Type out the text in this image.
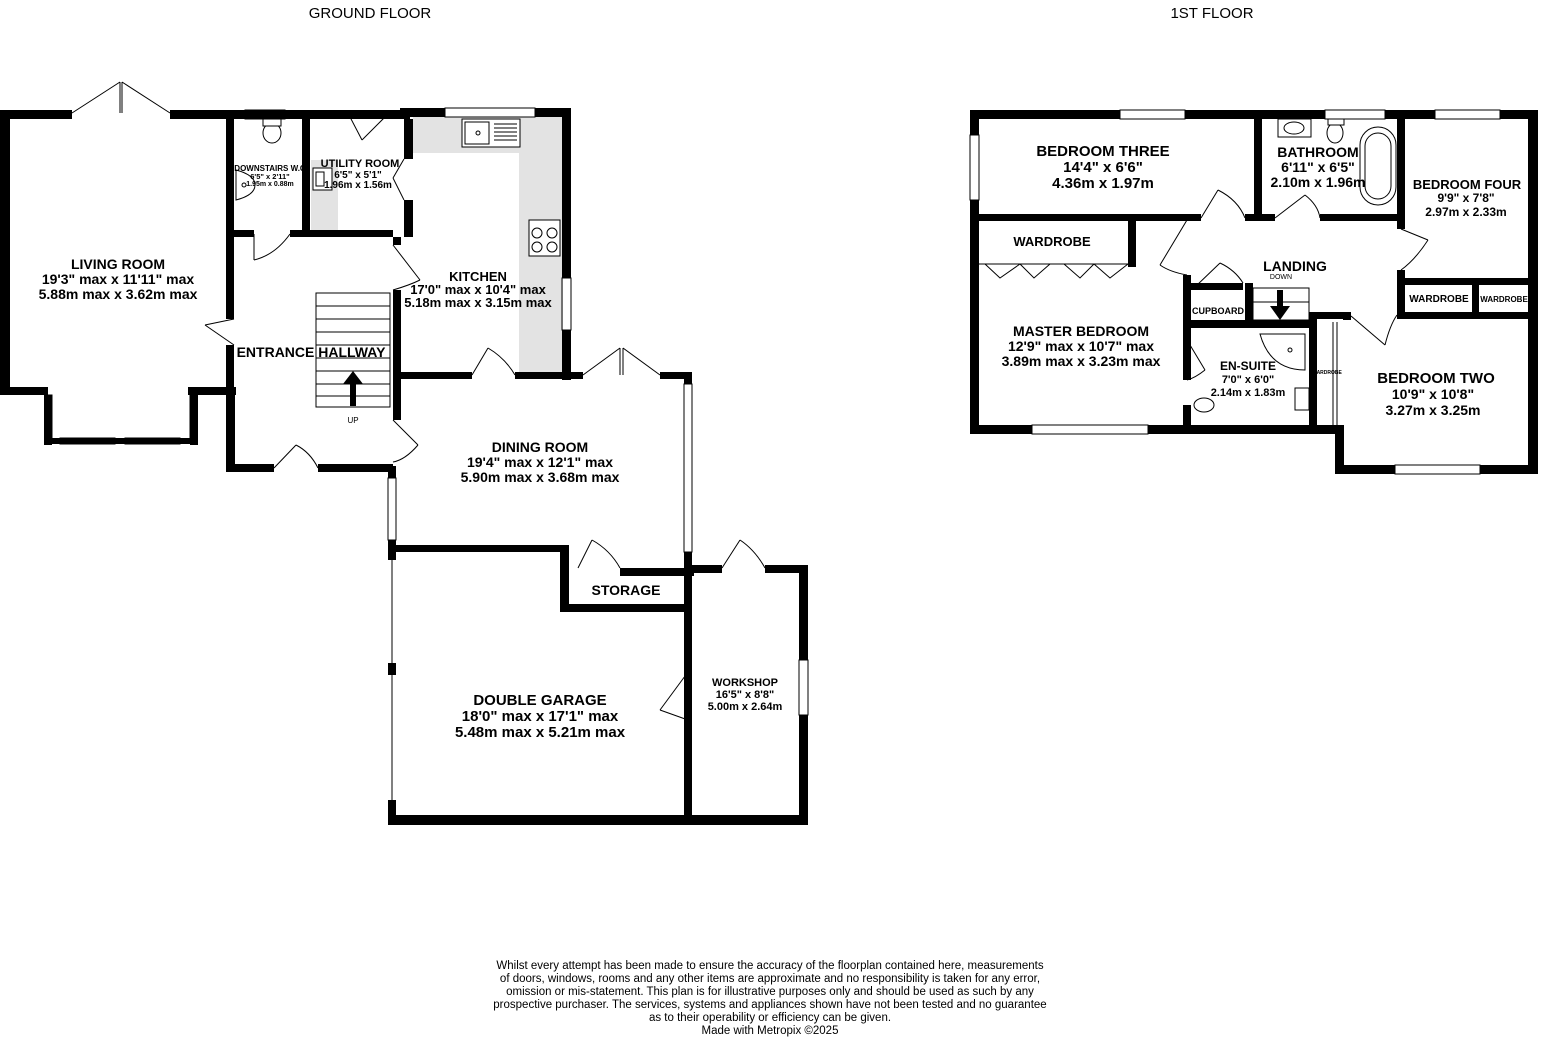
GROUND FLOOR
LIVING ROOM
19'3" max x 11'11" max
5.88m max x 3.62m max
DOWNSTAIRS W.C
6'5" x 2'11"
1.95m x 0.88m
UTILITY ROOM
6'5" x 5'1"
1.96m x 1.56m
KITCHEN
17'0" max x 10'4" max
5.18m max x 3.15m max
ENTRANCE HALLWAY
UP
DINING ROOM
19'4" max x 12'1" max
5.90m max x 3.68m max
STORAGE
DOUBLE GARAGE
18'0" max x 17'1" max
5.48m max x 5.21m max
WORKSHOP
16'5" x 8'8"
5.00m x 2.64m
1ST FLOOR
BEDROOM THREE
14'4" x 6'6"
4.36m x 1.97m
BATHROOM
6'11" x 6'5"
2.10m x 1.96m	BEDROOM FOUR
9'9" x 7'8"
2.97m x 2.33m
WARDROBE
LANDING
DOWN
MASTER BEDROOM
12'9" max x 10'7" max
3.89m max x 3.23m max
CUPBOARD
EN-SUITE
7'0" x 6'0"
2.14m x 1.83m
WARDROBE
WARDROBE WARDROBE
BEDROOM TWO
10'9" x 10'8"
3.27m x 3.25m
Whilst every attempt has been made to ensure the accuracy of the floorplan contained here, measurements
of doors, windows, rooms and any other items are approximate and no responsibility is taken for any error,
omission or mis-statement. This plan is for illustrative purposes only and should be used as such by any
prospective purchaser. The services, systems and appliances shown have not been tested and no guarantee
as to their operability or efficiency can be given.
Made with Metropix ©2025
